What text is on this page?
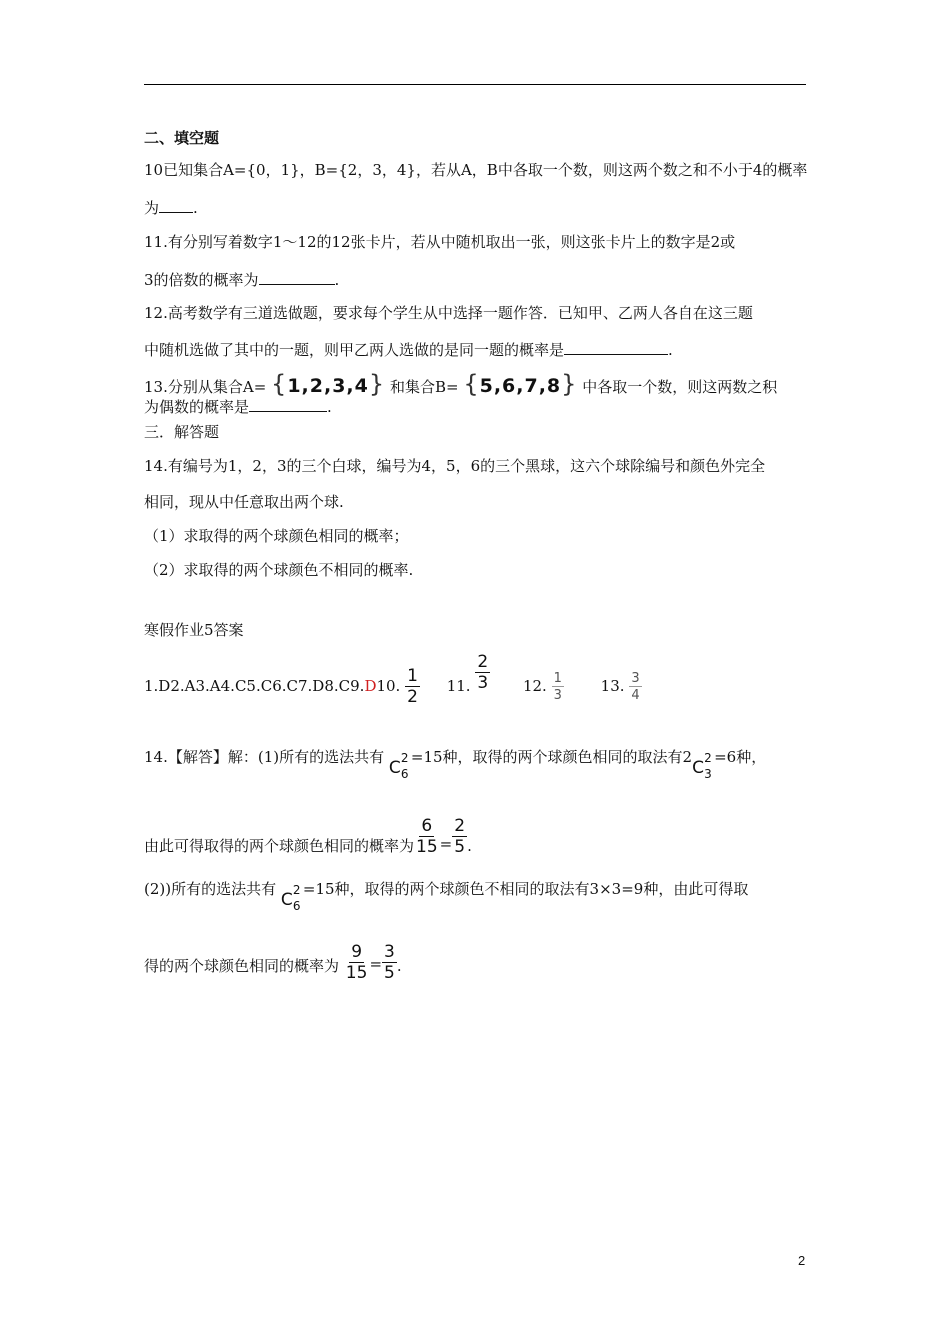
二、填空题
10已知集合A={0，1}，B={2，3，4}，若从A，B中各取一个数，则这两个数之和不小于4的概率
为 .
11.有分别写着数字1～12的12张卡片，若从中随机取出一张，则这张卡片上的数字是2或
3的倍数的概率为	.
12.高考数学有三道选做题，要求每个学生从中选择一题作答．已知甲、乙两人各自在这三题
中随机选做了其中的一题，则甲乙两人选做的是同一题的概率是	.
13.分别从集合A= {1,2,3,4} 和集合B= {5,6,7,8} 中各取一个数，则这两数之积
为偶数的概率是	.
三．解答题
14.有编号为1，2，3的三个白球，编号为4，5，6的三个黑球，这六个球除编号和颜色外完全
相同，现从中任意取出两个球.
（1）求取得的两个球颜色相同的概率；
（2）求取得的两个球颜色不相同的概率.
寒假作业5答案
1.D2.A3.A4.C5.C6.C7.D8.C9.D10. $\frac{1}{2} 11$. $\frac{2}{3} 12$. $\frac{1}{3} 13$. $\frac{3}{4}$
14.【解答】解：(1)所有的选法共有
C 2
6
=15种，取得的两个球颜色相同的取法有2
C 2
3
=6种，
由此可得取得的两个球颜色相同的概率为 $\frac{6}{15} = \frac{2}{5}$ .
(2))所有的选法共有
C 2
6
=15种，取得的两个球颜色不相同的取法有3×3=9种，由此可得取
得的两个球颜色相同的概率为 $\frac{9}{15} = \frac{3}{5}$ .
2
